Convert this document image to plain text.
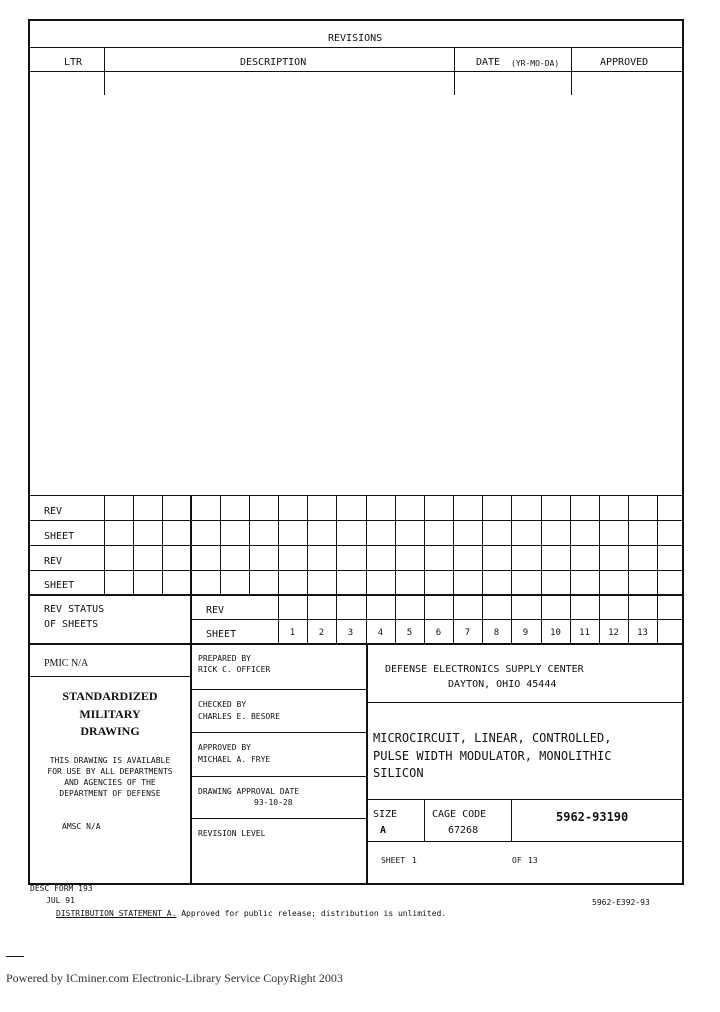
REVISIONS
LTR	DESCRIPTION	DATE (YR-MO-DA)	APPROVED
REV
SHEET
REV
SHEET
REV STATUS
OF SHEETS
REV
SHEET	1	2	3	4	5	6	7	8	9	10	11	12	13
PMIC N/A
STANDARDIZED
MILITARY
DRAWING
THIS DRAWING IS AVAILABLE
FOR USE BY ALL DEPARTMENTS
AND AGENCIES OF THE
DEPARTMENT OF DEFENSE
AMSC N/A
PREPARED BY
RICK C. OFFICER
CHECKED BY
CHARLES E. BESORE
APPROVED BY
MICHAEL A. FRYE
DRAWING APPROVAL DATE
93-10-28
REVISION LEVEL
DEFENSE ELECTRONICS SUPPLY CENTER
DAYTON, OHIO 45444
MICROCIRCUIT, LINEAR, CONTROLLED,
PULSE WIDTH MODULATOR, MONOLITHIC
SILICON
SIZE
A
CAGE CODE
67268
5962-93190
SHEET 1	OF 13
DESC FORM 193
JUL 91
DISTRIBUTION STATEMENT A. Approved for public release; distribution is unlimited.
5962-E392-93
Powered by ICminer.com Electronic-Library Service CopyRight 2003
